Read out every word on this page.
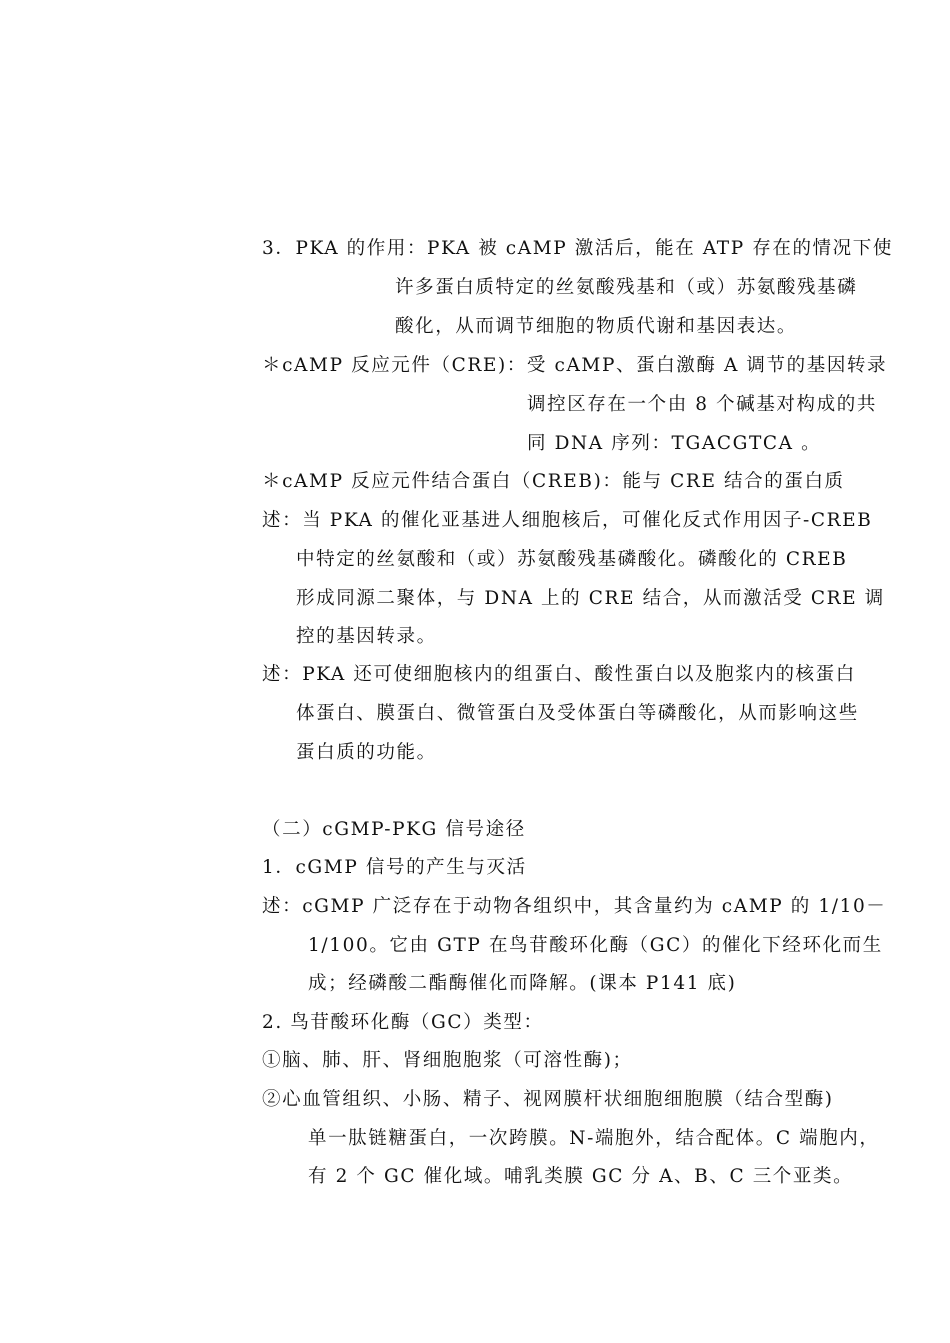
3．PKA 的作用：PKA 被 cAMP 激活后，能在 ATP 存在的情况下使
许多蛋白质特定的丝氨酸残基和（或）苏氨酸残基磷
酸化，从而调节细胞的物质代谢和基因表达。
＊cAMP 反应元件（CRE)：受 cAMP、蛋白激酶 A 调节的基因转录
调控区存在一个由 8 个碱基对构成的共
同 DNA 序列：TGACGTCA 。
＊cAMP 反应元件结合蛋白（CREB)：能与 CRE 结合的蛋白质
述：当 PKA 的催化亚基进人细胞核后，可催化反式作用因子-CREB
中特定的丝氨酸和（或）苏氨酸残基磷酸化。磷酸化的 CREB
形成同源二聚体，与 DNA 上的 CRE 结合，从而激活受 CRE 调
控的基因转录。
述：PKA 还可使细胞核内的组蛋白、酸性蛋白以及胞浆内的核蛋白
体蛋白、膜蛋白、微管蛋白及受体蛋白等磷酸化，从而影响这些
蛋白质的功能。
（二）cGMP-PKG 信号途径
1．cGMP 信号的产生与灭活
述：cGMP 广泛存在于动物各组织中，其含量约为 cAMP 的 1/10－
1/100。它由 GTP 在鸟苷酸环化酶（GC）的催化下经环化而生
成；经磷酸二酯酶催化而降解。(课本 P141 底)
2. 鸟苷酸环化酶（GC）类型：
①脑、肺、肝、肾细胞胞浆（可溶性酶)；
②心血管组织、小肠、精子、视网膜杆状细胞细胞膜（结合型酶)
单一肽链糖蛋白，一次跨膜。N-端胞外，结合配体。C 端胞内，
有 2 个 GC 催化域。哺乳类膜 GC 分 A、B、C 三个亚类。
